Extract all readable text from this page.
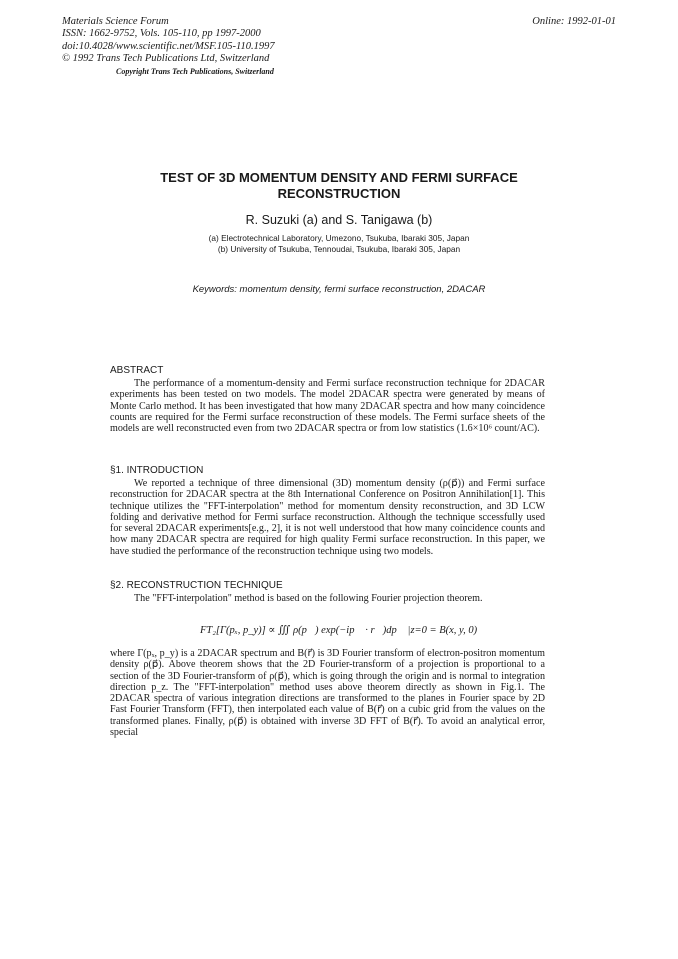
Materials Science Forum
ISSN: 1662-9752, Vols. 105-110, pp 1997-2000
doi:10.4028/www.scientific.net/MSF.105-110.1997
© 1992 Trans Tech Publications Ltd, Switzerland
Copyright Trans Tech Publications, Switzerland
Online: 1992-01-01
TEST OF 3D MOMENTUM DENSITY AND FERMI SURFACE RECONSTRUCTION
R. Suzuki (a) and S. Tanigawa (b)
(a) Electrotechnical Laboratory, Umezono, Tsukuba, Ibaraki 305, Japan
(b) University of Tsukuba, Tennoudai, Tsukuba, Ibaraki 305, Japan
Keywords: momentum density, fermi surface reconstruction, 2DACAR
ABSTRACT

The performance of a momentum-density and Fermi surface reconstruction technique for 2DACAR experiments has been tested on two models. The model 2DACAR spectra were generated by means of Monte Carlo method. It has been investigated that how many 2DACAR spectra and how many coincidence counts are required for the Fermi surface reconstruction of these models. The Fermi surface sheets of the models are well reconstructed even from two 2DACAR spectra or from low statistics (1.6×10⁶ count/AC).

§1. INTRODUCTION

We reported a technique of three dimensional (3D) momentum density (ρ(p⃗)) and Fermi surface reconstruction for 2DACAR spectra at the 8th International Conference on Positron Annihilation[1]. This technique utilizes the "FFT-interpolation" method for momentum density reconstruction, and 3D LCW folding and derivative method for Fermi surface reconstruction. Although the technique sccessfully used for several 2DACAR experiments[e.g., 2], it is not well understood that how many coincidence counts and how many 2DACAR spectra are required for high quality Fermi surface reconstruction. In this paper, we have studied the performance of the reconstruction technique using two models.

§2. RECONSTRUCTION TECHNIQUE

The "FFT-interpolation" method is based on the following Fourier projection theorem.

FT₂[Γ(pₓ, p_y)] ∝ ∭ ρ(p⃗) exp(−ip⃗ · r⃗)dp⃗ |z=0 = B(x, y, 0)

where Γ(pₓ, p_y) is a 2DACAR spectrum and B(r⃗) is 3D Fourier transform of electron-positron momentum density ρ(p⃗). Above theorem shows that the 2D Fourier-transform of a projection is proportional to a section of the 3D Fourier-transform of ρ(p⃗), which is going through the origin and is normal to integration direction p_z. The "FFT-interpolation" method uses above theorem directly as shown in Fig.1. The 2DACAR spectra of various integration directions are transformed to the planes in Fourier space by 2D Fast Fourier Transform (FFT), then interpolated each value of B(r⃗) on a cubic grid from the values on the transformed planes. Finally, ρ(p⃗) is obtained with inverse 3D FFT of B(r⃗). To avoid an analytical error, special
